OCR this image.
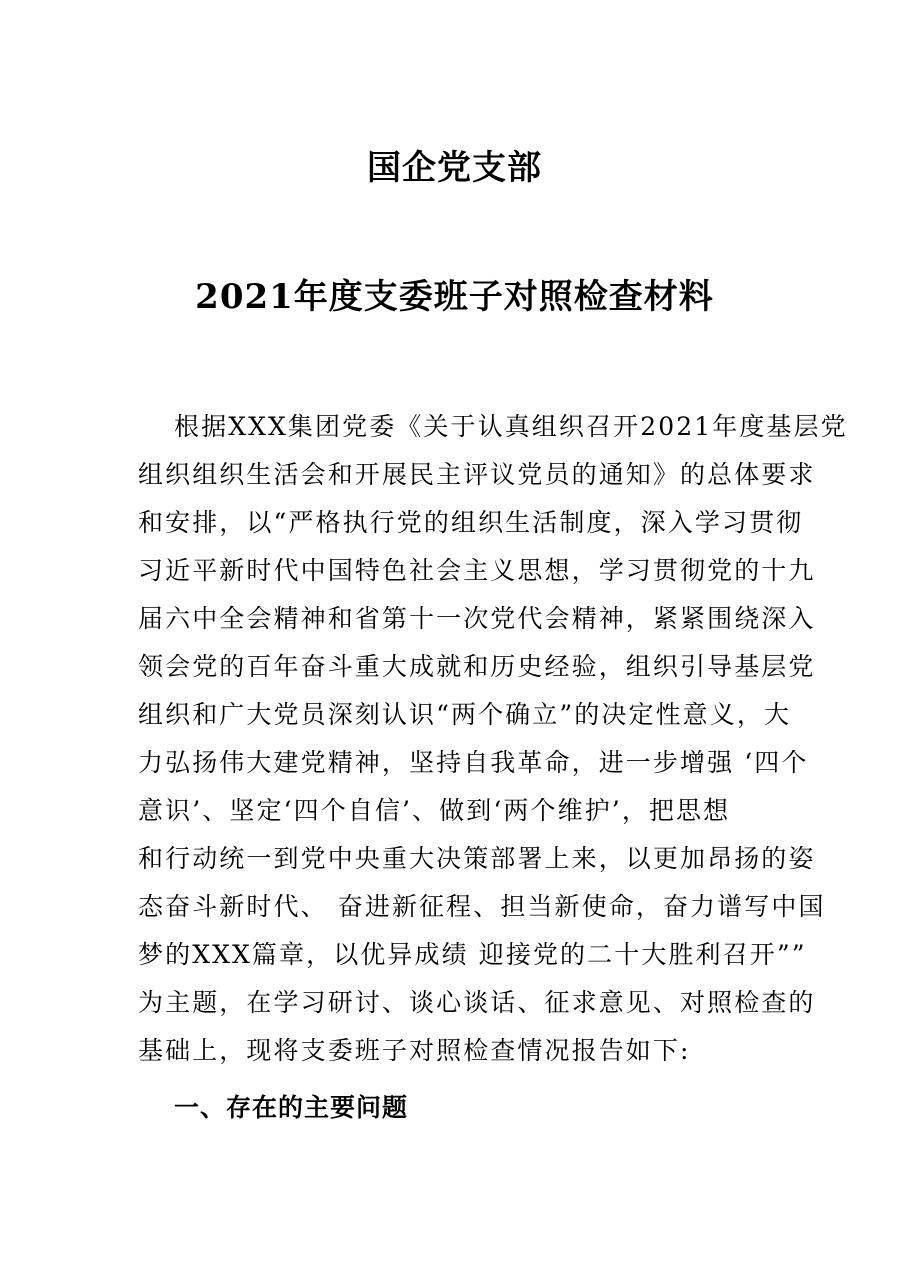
国企党支部
2021年度支委班子对照检查材料
根据XXX集团党委《关于认真组织召开2021年度基层党
组织组织生活会和开展民主评议党员的通知》的总体要求
和安排，以“严格执行党的组织生活制度，深入学习贯彻
习近平新时代中国特色社会主义思想，学习贯彻党的十九
届六中全会精神和省第十一次党代会精神，紧紧围绕深入
领会党的百年奋斗重大成就和历史经验，组织引导基层党
组织和广大党员深刻认识“两个确立”的决定性意义，大
力弘扬伟大建党精神，坚持自我革命，进一步增强 ‘四个
意识’、坚定‘四个自信’、做到‘两个维护’，把思想
和行动统一到党中央重大决策部署上来，以更加昂扬的姿
态奋斗新时代、 奋进新征程、担当新使命，奋力谱写中国
梦的XXX篇章，以优异成绩 迎接党的二十大胜利召开””
为主题，在学习研讨、谈心谈话、征求意见、对照检查的
基础上，现将支委班子对照检查情况报告如下:
一、存在的主要问题
